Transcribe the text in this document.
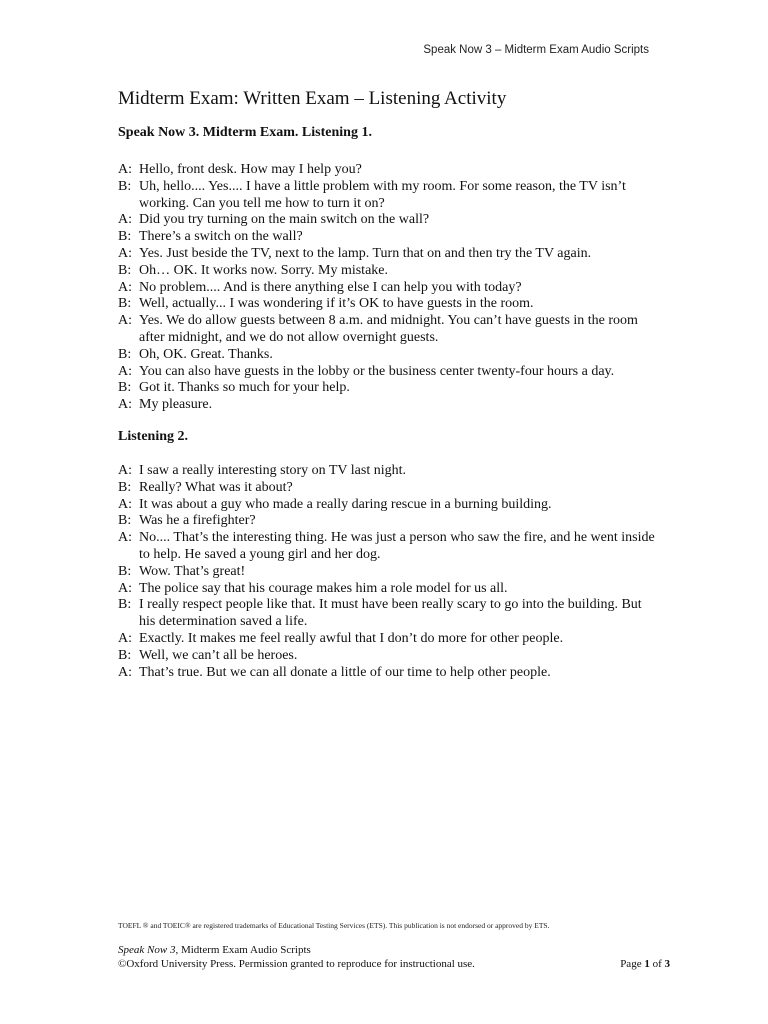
Speak Now 3 – Midterm Exam Audio Scripts
Midterm Exam: Written Exam – Listening Activity
Speak Now 3. Midterm Exam. Listening 1.
A: Hello, front desk. How may I help you?
B: Uh, hello.... Yes.... I have a little problem with my room. For some reason, the TV isn’t working. Can you tell me how to turn it on?
A: Did you try turning on the main switch on the wall?
B: There’s a switch on the wall?
A: Yes. Just beside the TV, next to the lamp. Turn that on and then try the TV again.
B: Oh… OK. It works now. Sorry. My mistake.
A: No problem.... And is there anything else I can help you with today?
B: Well, actually... I was wondering if it’s OK to have guests in the room.
A: Yes. We do allow guests between 8 a.m. and midnight. You can’t have guests in the room after midnight, and we do not allow overnight guests.
B: Oh, OK. Great. Thanks.
A: You can also have guests in the lobby or the business center twenty-four hours a day.
B: Got it. Thanks so much for your help.
A: My pleasure.
Listening 2.
A: I saw a really interesting story on TV last night.
B: Really? What was it about?
A: It was about a guy who made a really daring rescue in a burning building.
B: Was he a firefighter?
A: No.... That’s the interesting thing. He was just a person who saw the fire, and he went inside to help. He saved a young girl and her dog.
B: Wow. That’s great!
A: The police say that his courage makes him a role model for us all.
B: I really respect people like that. It must have been really scary to go into the building. But his determination saved a life.
A: Exactly. It makes me feel really awful that I don’t do more for other people.
B: Well, we can’t all be heroes.
A: That’s true. But we can all donate a little of our time to help other people.
TOEFL ® and TOEIC® are registered trademarks of Educational Testing Services (ETS). This publication is not endorsed or approved by ETS.
Speak Now 3, Midterm Exam Audio Scripts
©Oxford University Press. Permission granted to reproduce for instructional use.	Page 1 of 3
